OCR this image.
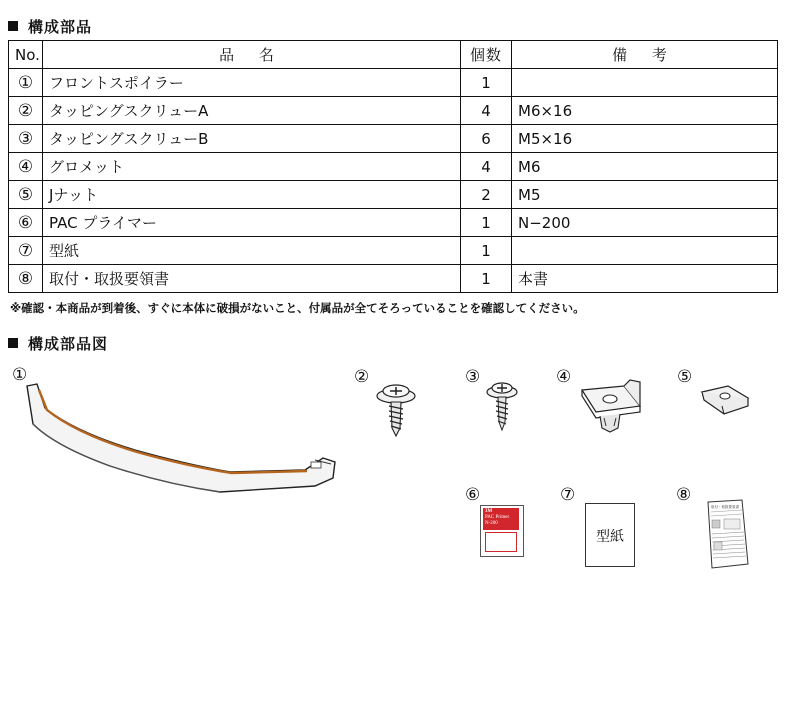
構成部品
No.	品 名	個数	備 考
①	フロントスポイラー	1	
②	タッピングスクリューA	4	M6×16
③	タッピングスクリューB	6	M5×16
④	グロメット	4	M6
⑤	Jナット	2	M5
⑥	PAC プライマー	1	N−200
⑦	型紙	1	
⑧	取付・取扱要領書	1	本書
※確認・本商品が到着後、すぐに本体に破損がないこと、付属品が全てそろっていることを確認してください。
構成部品図
①	②	③	④	⑤
⑥	⑦	⑧
3M
PAC Primer
N-200
型紙
取付・取扱要領書
